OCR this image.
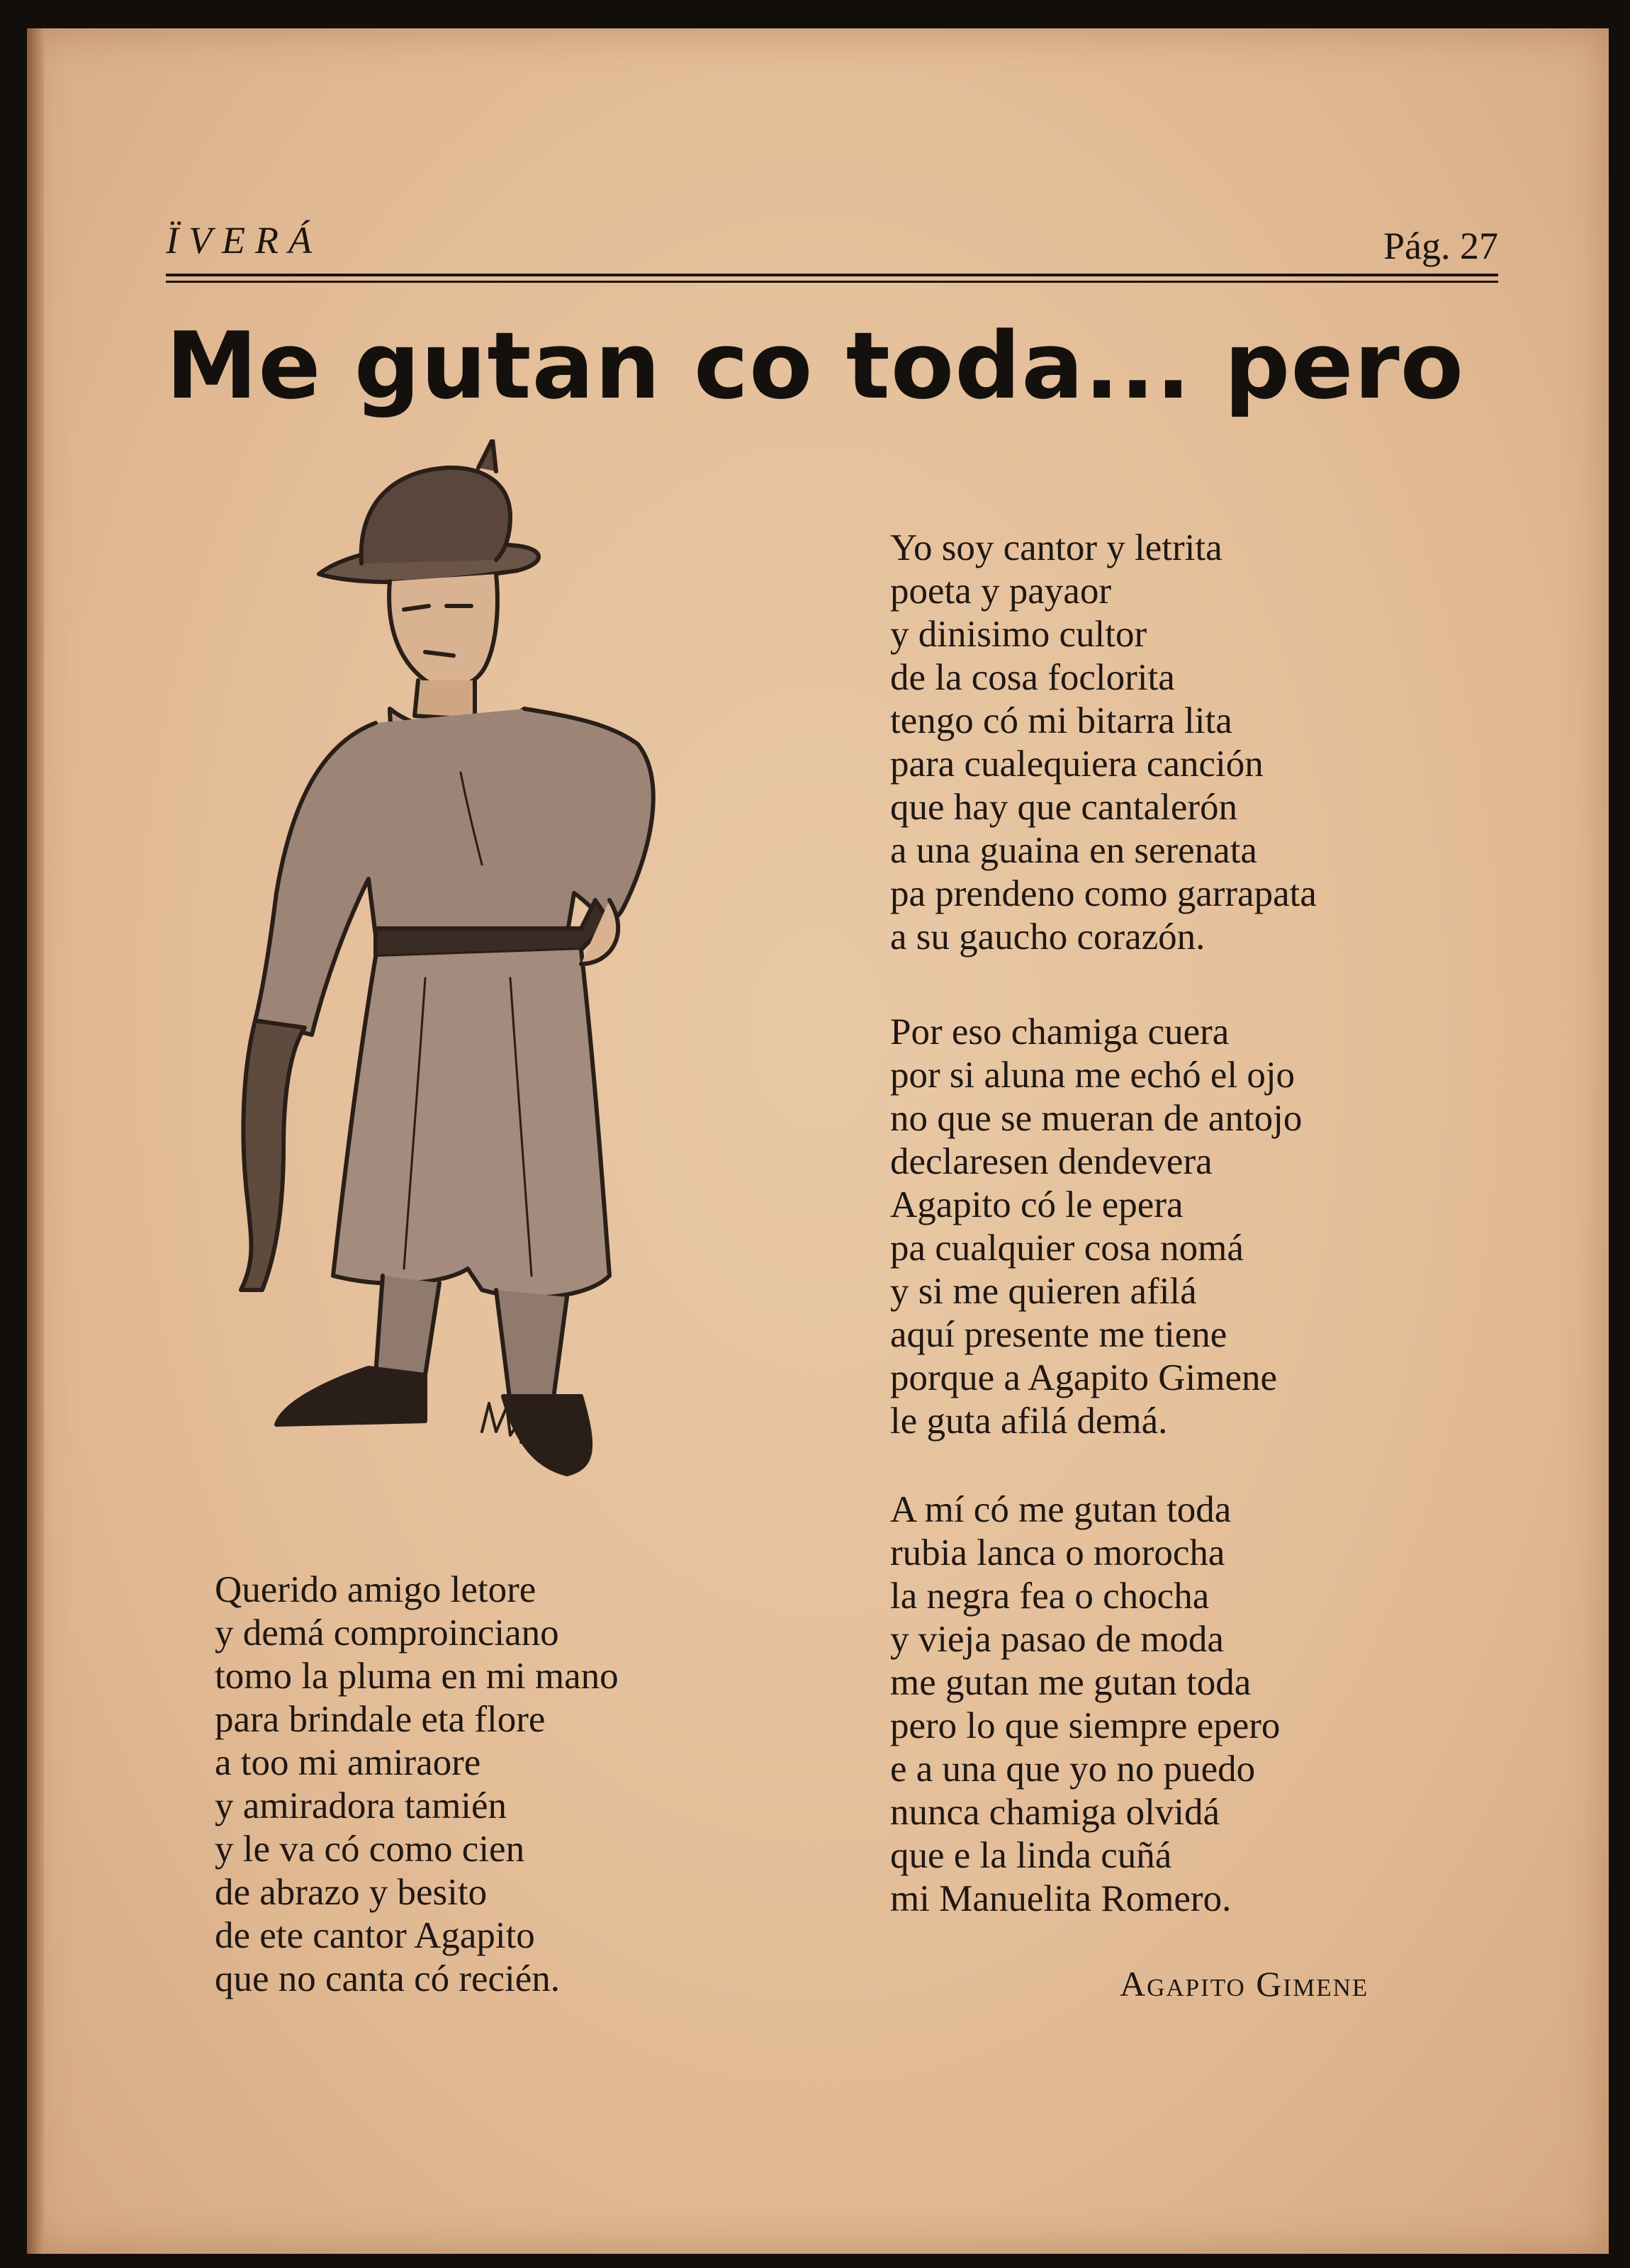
ÏVERÁ	Pág. 27
Me gutan co toda... pero
Yo soy cantor y letrita
poeta y payaor
y dinisimo cultor
de la cosa foclorita
tengo có mi bitarra lita
para cualequiera canción
que hay que cantalerón
a una guaina en serenata
pa prendeno como garrapata
a su gaucho corazón.
Por eso chamiga cuera
por si aluna me echó el ojo
no que se mueran de antojo
declaresen dendevera
Agapito có le epera
pa cualquier cosa nomá
y si me quieren afilá
aquí presente me tiene
porque a Agapito Gimene
le guta afilá demá.
A mí có me gutan toda
rubia lanca o morocha
la negra fea o chocha
y vieja pasao de moda
me gutan me gutan toda
pero lo que siempre epero
e a una que yo no puedo
nunca chamiga olvidá
que e la linda cuñá
mi Manuelita Romero.
Querido amigo letore
y demá comproinciano
tomo la pluma en mi mano
para brindale eta flore
a too mi amiraore
y amiradora tamién
y le va có como cien
de abrazo y besito
de ete cantor Agapito
que no canta có recién.	Agapito Gimene
